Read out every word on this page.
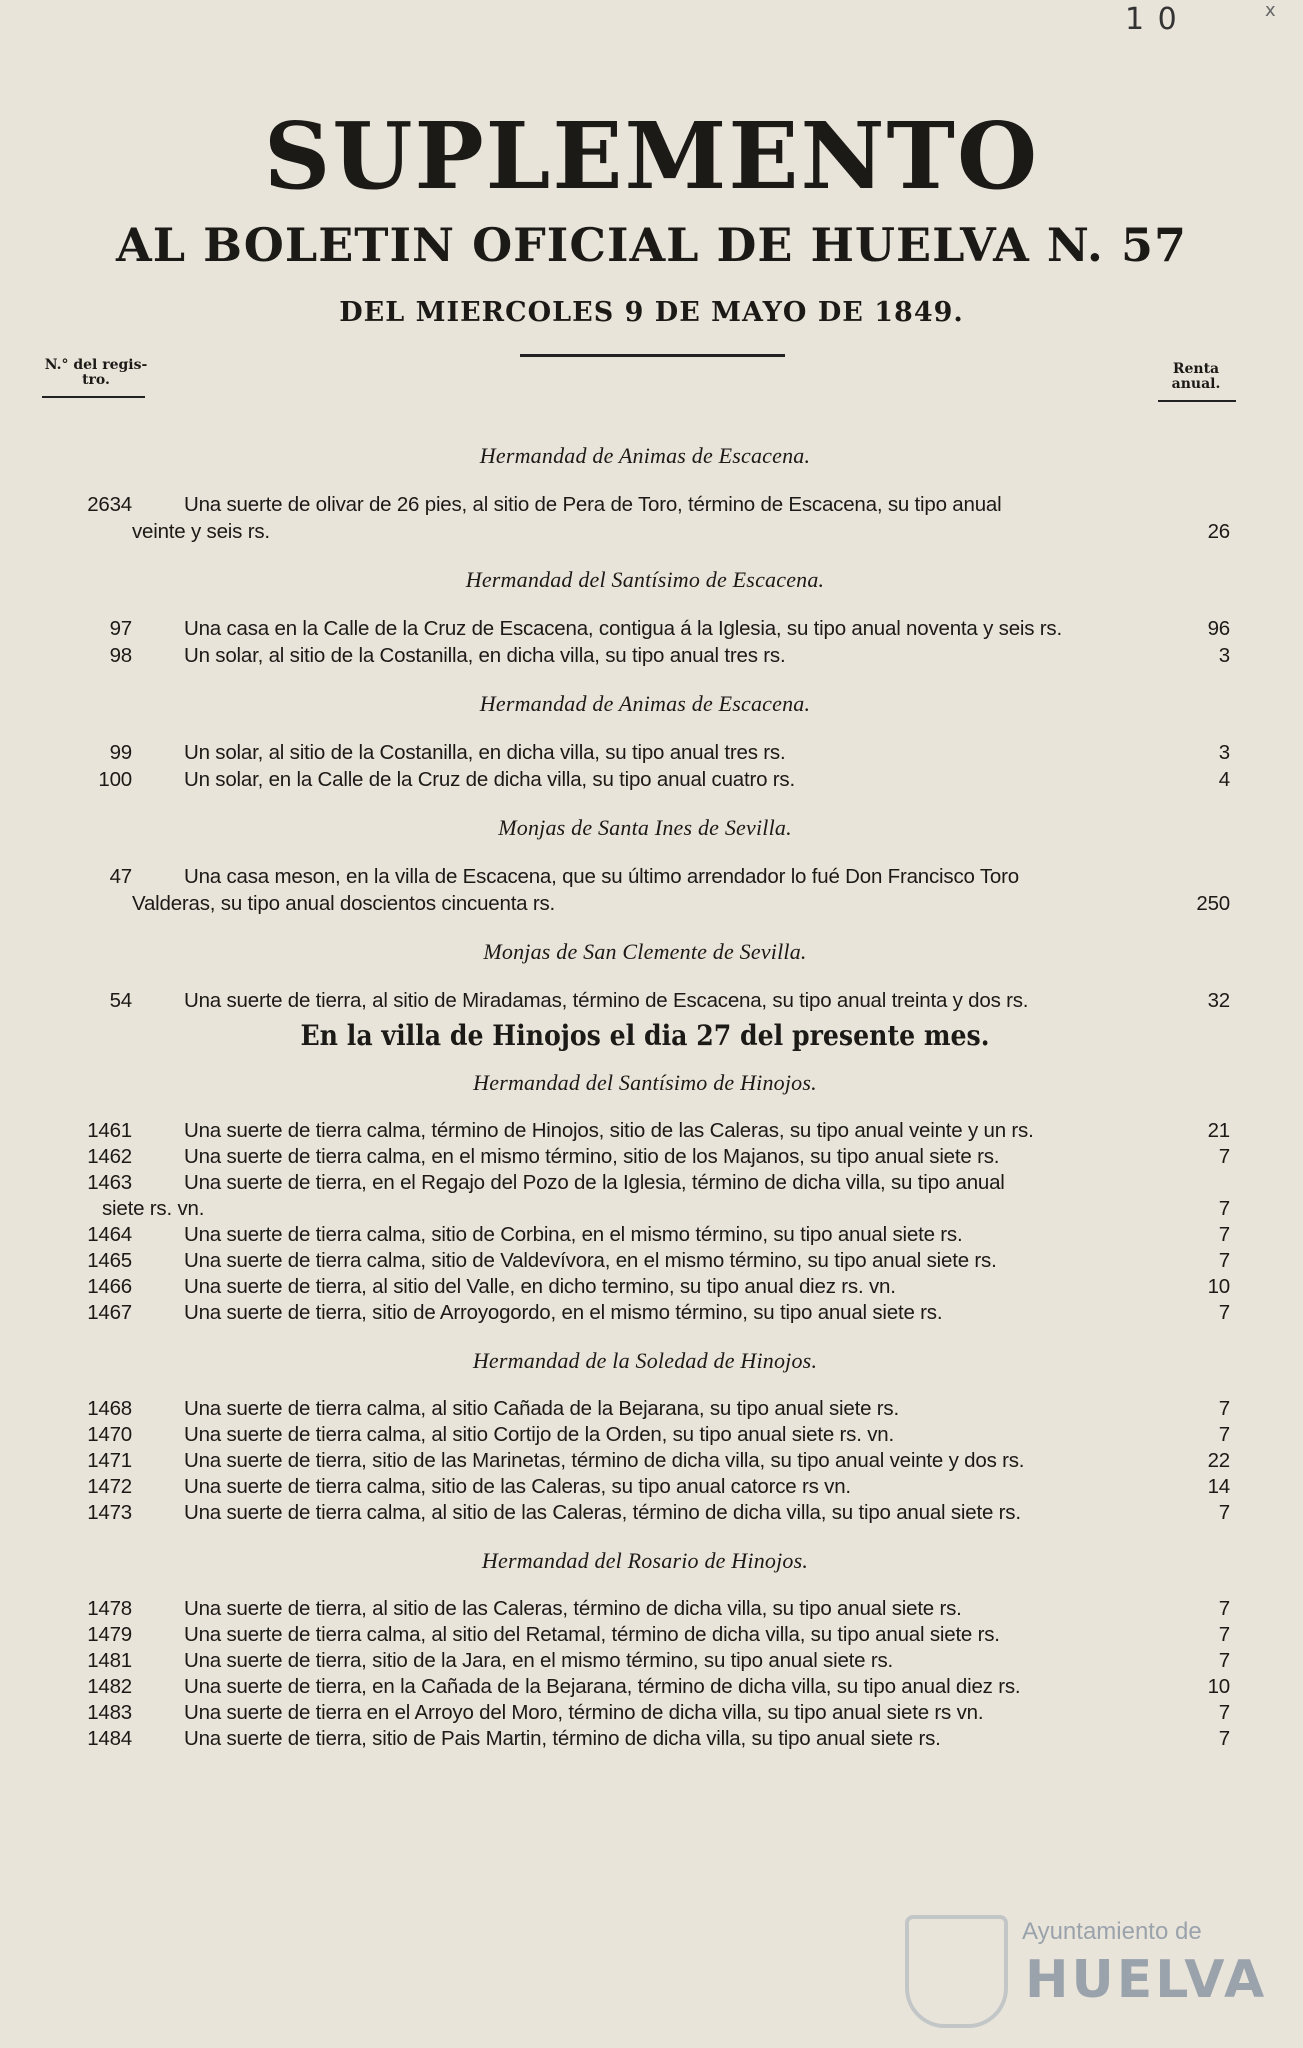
1 0	x
SUPLEMENTO
AL BOLETIN OFICIAL DE HUELVA N. 57
DEL MIERCOLES 9 DE MAYO DE 1849.
N.° del regis-
tro.
Renta
anual.
Hermandad de Animas de Escacena.
2634	Una suerte de olivar de 26 pies, al sitio de Pera de Toro, término de Escacena, su tipo anual
veinte y seis rs.	26
Hermandad del Santísimo de Escacena.
97	Una casa en la Calle de la Cruz de Escacena, contigua á la Iglesia, su tipo anual noventa y seis rs.	96
98	Un solar, al sitio de la Costanilla, en dicha villa, su tipo anual tres rs.	3
Hermandad de Animas de Escacena.
99	Un solar, al sitio de la Costanilla, en dicha villa, su tipo anual tres rs.	3
100	Un solar, en la Calle de la Cruz de dicha villa, su tipo anual cuatro rs.	4
Monjas de Santa Ines de Sevilla.
47	Una casa meson, en la villa de Escacena, que su último arrendador lo fué Don Francisco Toro
Valderas, su tipo anual doscientos cincuenta rs.	250
Monjas de San Clemente de Sevilla.
54	Una suerte de tierra, al sitio de Miradamas, término de Escacena, su tipo anual treinta y dos rs.	32
En la villa de Hinojos el dia 27 del presente mes.
Hermandad del Santísimo de Hinojos.
1461	Una suerte de tierra calma, término de Hinojos, sitio de las Caleras, su tipo anual veinte y un rs.	21
1462	Una suerte de tierra calma, en el mismo término, sitio de los Majanos, su tipo anual siete rs.	7
1463	Una suerte de tierra, en el Regajo del Pozo de la Iglesia, término de dicha villa, su tipo anual
siete rs. vn.	7
1464	Una suerte de tierra calma, sitio de Corbina, en el mismo término, su tipo anual siete rs.	7
1465	Una suerte de tierra calma, sitio de Valdevívora, en el mismo término, su tipo anual siete rs.	7
1466	Una suerte de tierra, al sitio del Valle, en dicho termino, su tipo anual diez rs. vn.	10
1467	Una suerte de tierra, sitio de Arroyogordo, en el mismo término, su tipo anual siete rs.	7
Hermandad de la Soledad de Hinojos.
1468	Una suerte de tierra calma, al sitio Cañada de la Bejarana, su tipo anual siete rs.	7
1470	Una suerte de tierra calma, al sitio Cortijo de la Orden, su tipo anual siete rs. vn.	7
1471	Una suerte de tierra, sitio de las Marinetas, término de dicha villa, su tipo anual veinte y dos rs.	22
1472	Una suerte de tierra calma, sitio de las Caleras, su tipo anual catorce rs vn.	14
1473	Una suerte de tierra calma, al sitio de las Caleras, término de dicha villa, su tipo anual siete rs.	7
Hermandad del Rosario de Hinojos.
1478	Una suerte de tierra, al sitio de las Caleras, término de dicha villa, su tipo anual siete rs.	7
1479	Una suerte de tierra calma, al sitio del Retamal, término de dicha villa, su tipo anual siete rs.	7
1481	Una suerte de tierra, sitio de la Jara, en el mismo término, su tipo anual siete rs.	7
1482	Una suerte de tierra, en la Cañada de la Bejarana, término de dicha villa, su tipo anual diez rs.	10
1483	Una suerte de tierra en el Arroyo del Moro, término de dicha villa, su tipo anual siete rs vn.	7
1484	Una suerte de tierra, sitio de Pais Martin, término de dicha villa, su tipo anual siete rs.	7
Ayuntamiento de
HUELVA
